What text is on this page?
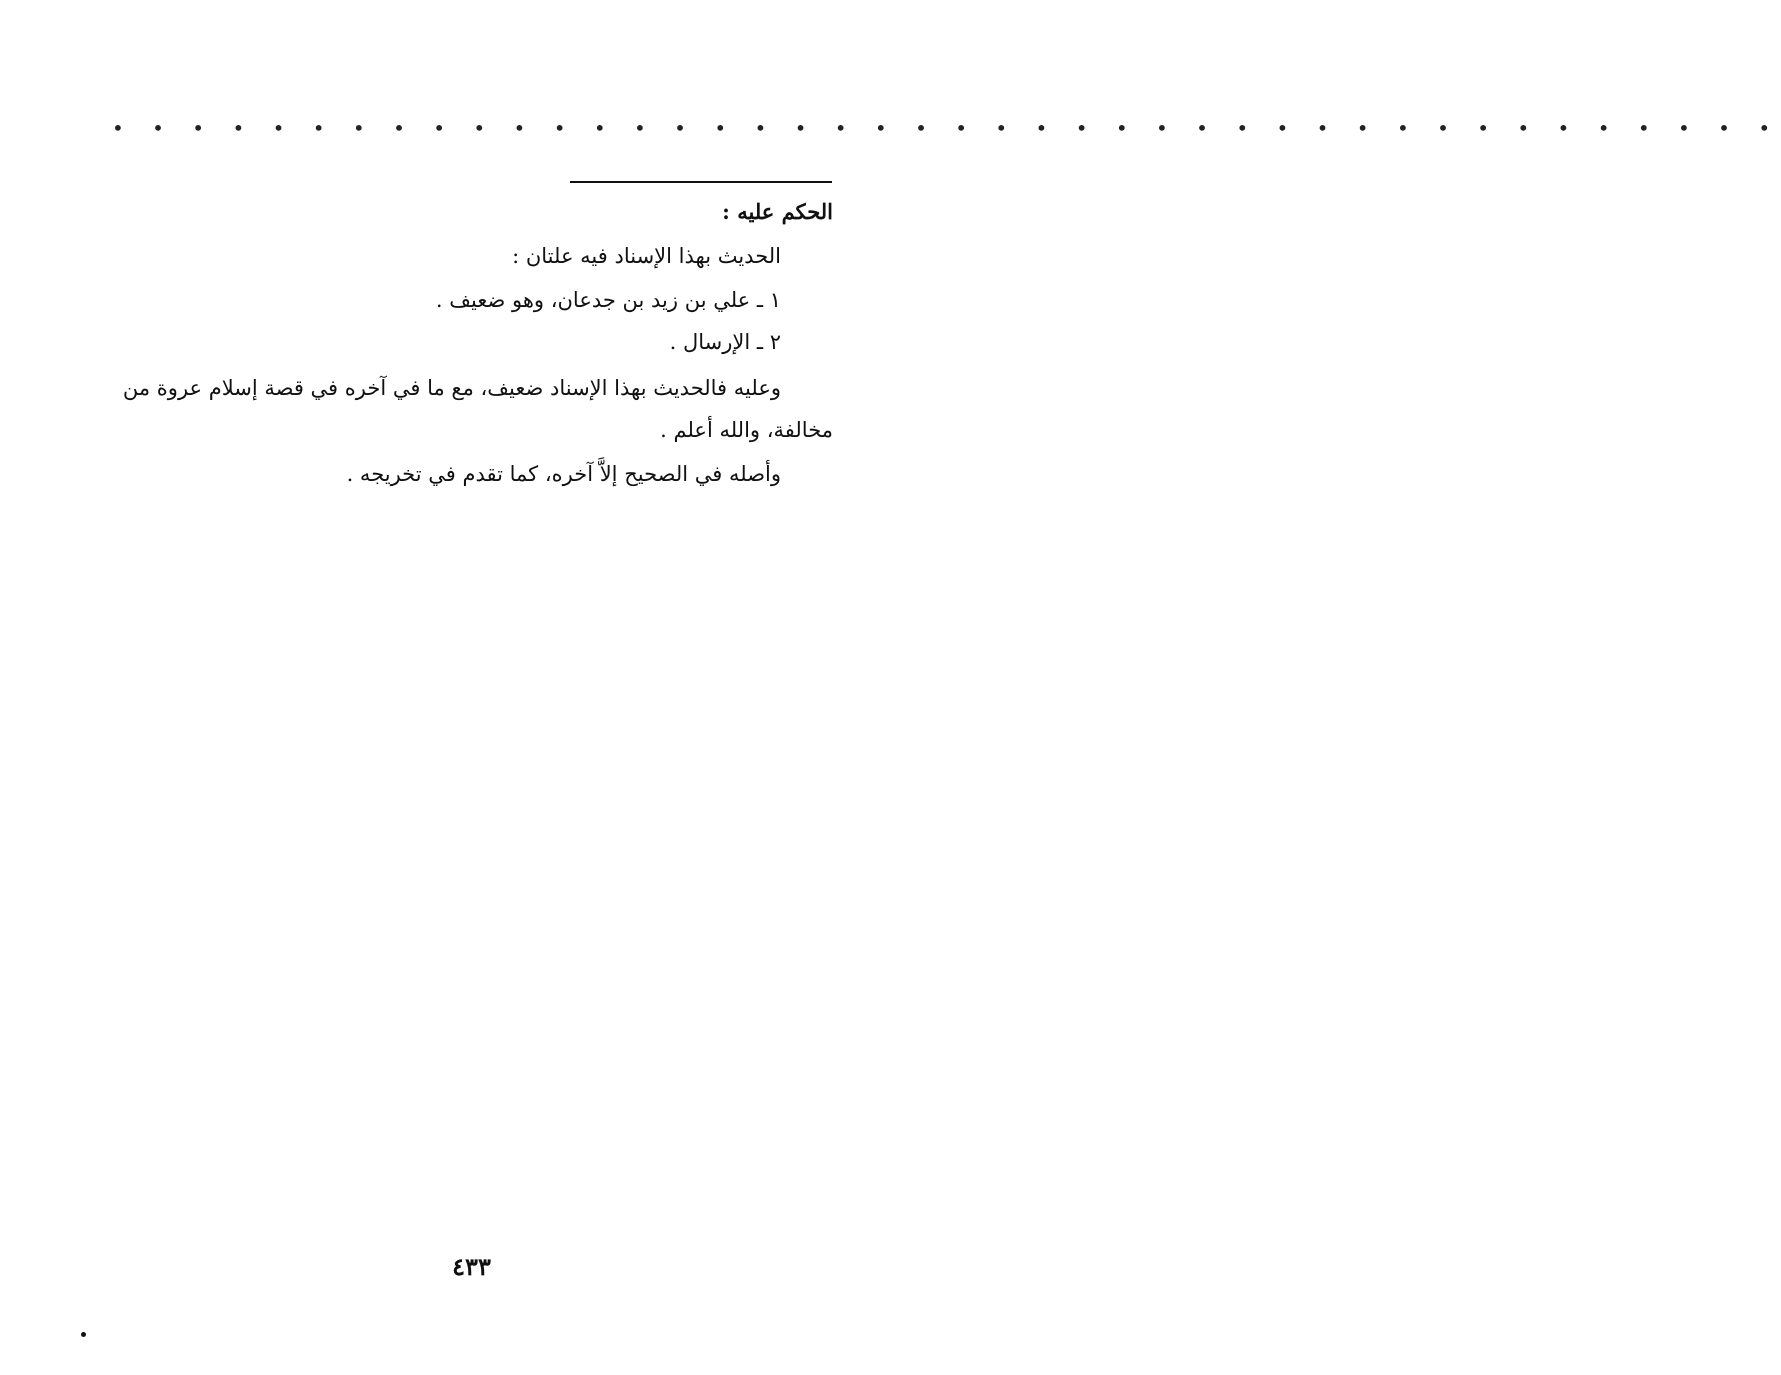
• • • • • • • • • • • • • • • • • • • • • • • • • • • • • • • • • • • • • • • • • •
الحكم عليه :
الحديث بهذا الإسناد فيه علتان :
١ ـ علي بن زيد بن جدعان، وهو ضعيف .
٢ ـ الإرسال .
وعليه فالحديث بهذا الإسناد ضعيف، مع ما في آخره في قصة إسلام عروة من
مخالفة، والله أعلم .
وأصله في الصحيح إلاَّ آخره، كما تقدم في تخريجه .
٤٣٣
